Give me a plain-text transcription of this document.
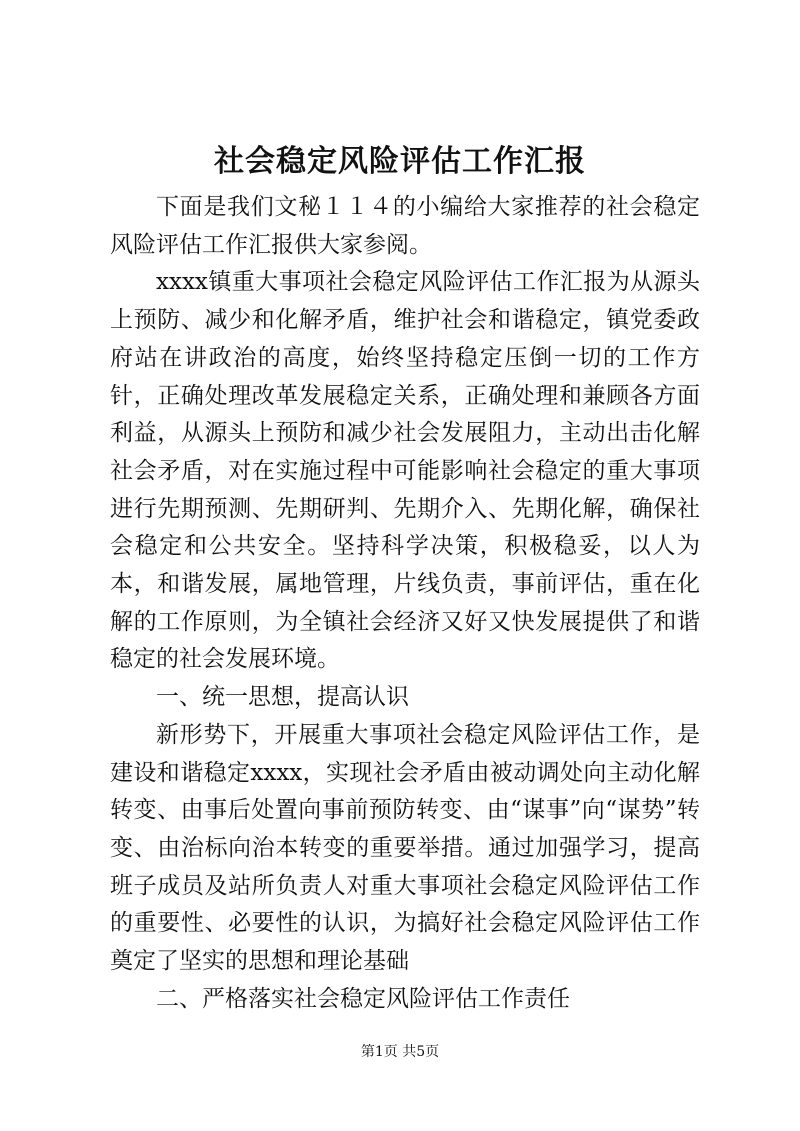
社会稳定风险评估工作汇报

下面是我们文秘１１４的小编给大家推荐的社会稳定风险评估工作汇报供大家参阅。

xxxx镇重大事项社会稳定风险评估工作汇报为从源头上预防、减少和化解矛盾，维护社会和谐稳定，镇党委政府站在讲政治的高度，始终坚持稳定压倒一切的工作方针，正确处理改革发展稳定关系，正确处理和兼顾各方面利益，从源头上预防和减少社会发展阻力，主动出击化解社会矛盾，对在实施过程中可能影响社会稳定的重大事项进行先期预测、先期研判、先期介入、先期化解，确保社会稳定和公共安全。坚持科学决策，积极稳妥，以人为本，和谐发展，属地管理，片线负责，事前评估，重在化解的工作原则，为全镇社会经济又好又快发展提供了和谐稳定的社会发展环境。

一、统一思想，提高认识

新形势下，开展重大事项社会稳定风险评估工作，是建设和谐稳定xxxx，实现社会矛盾由被动调处向主动化解转变、由事后处置向事前预防转变、由“谋事”向“谋势”转变、由治标向治本转变的重要举措。通过加强学习，提高班子成员及站所负责人对重大事项社会稳定风险评估工作的重要性、必要性的认识，为搞好社会稳定风险评估工作奠定了坚实的思想和理论基础

二、严格落实社会稳定风险评估工作责任

第1页 共5页
